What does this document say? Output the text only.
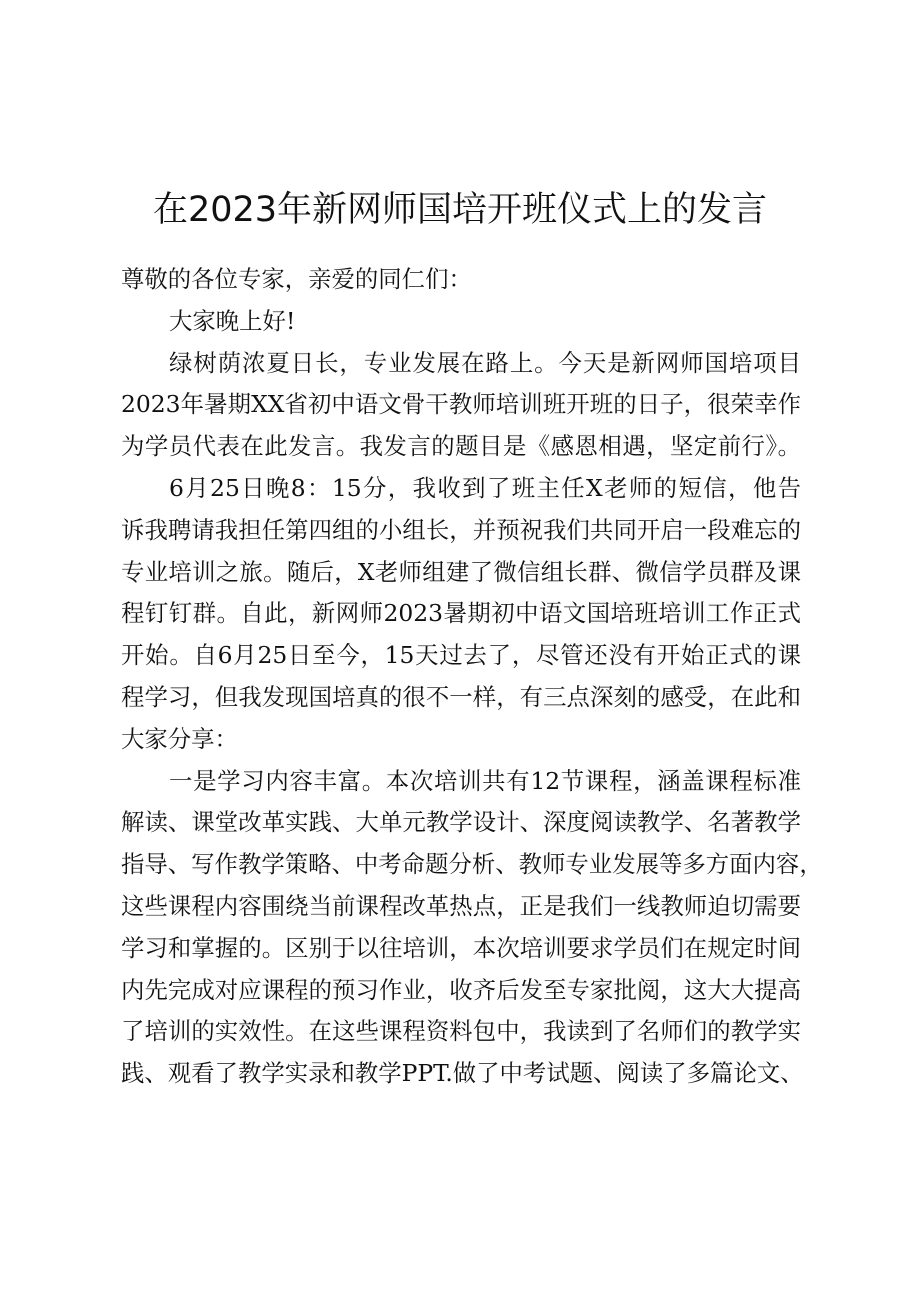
在2023年新网师国培开班仪式上的发言
尊敬的各位专家，亲爱的同仁们：
大家晚上好!
绿树荫浓夏日长，专业发展在路上。今天是新网师国培项目
2023年暑期XX省初中语文骨干教师培训班开班的日子，很荣幸作
为学员代表在此发言。我发言的题目是《感恩相遇，坚定前行》。
6月25日晚8：15分，我收到了班主任X老师的短信，他告
诉我聘请我担任第四组的小组长，并预祝我们共同开启一段难忘的
专业培训之旅。随后，X老师组建了微信组长群、微信学员群及课
程钉钉群。自此，新网师2023暑期初中语文国培班培训工作正式
开始。自6月25日至今，15天过去了，尽管还没有开始正式的课
程学习，但我发现国培真的很不一样，有三点深刻的感受，在此和
大家分享：
一是学习内容丰富。本次培训共有12节课程，涵盖课程标准
解读、课堂改革实践、大单元教学设计、深度阅读教学、名著教学
指导、写作教学策略、中考命题分析、教师专业发展等多方面内容，
这些课程内容围绕当前课程改革热点，正是我们一线教师迫切需要
学习和掌握的。区别于以往培训，本次培训要求学员们在规定时间
内先完成对应课程的预习作业，收齐后发至专家批阅，这大大提高
了培训的实效性。在这些课程资料包中，我读到了名师们的教学实
践、观看了教学实录和教学PPT.做了中考试题、阅读了多篇论文、
